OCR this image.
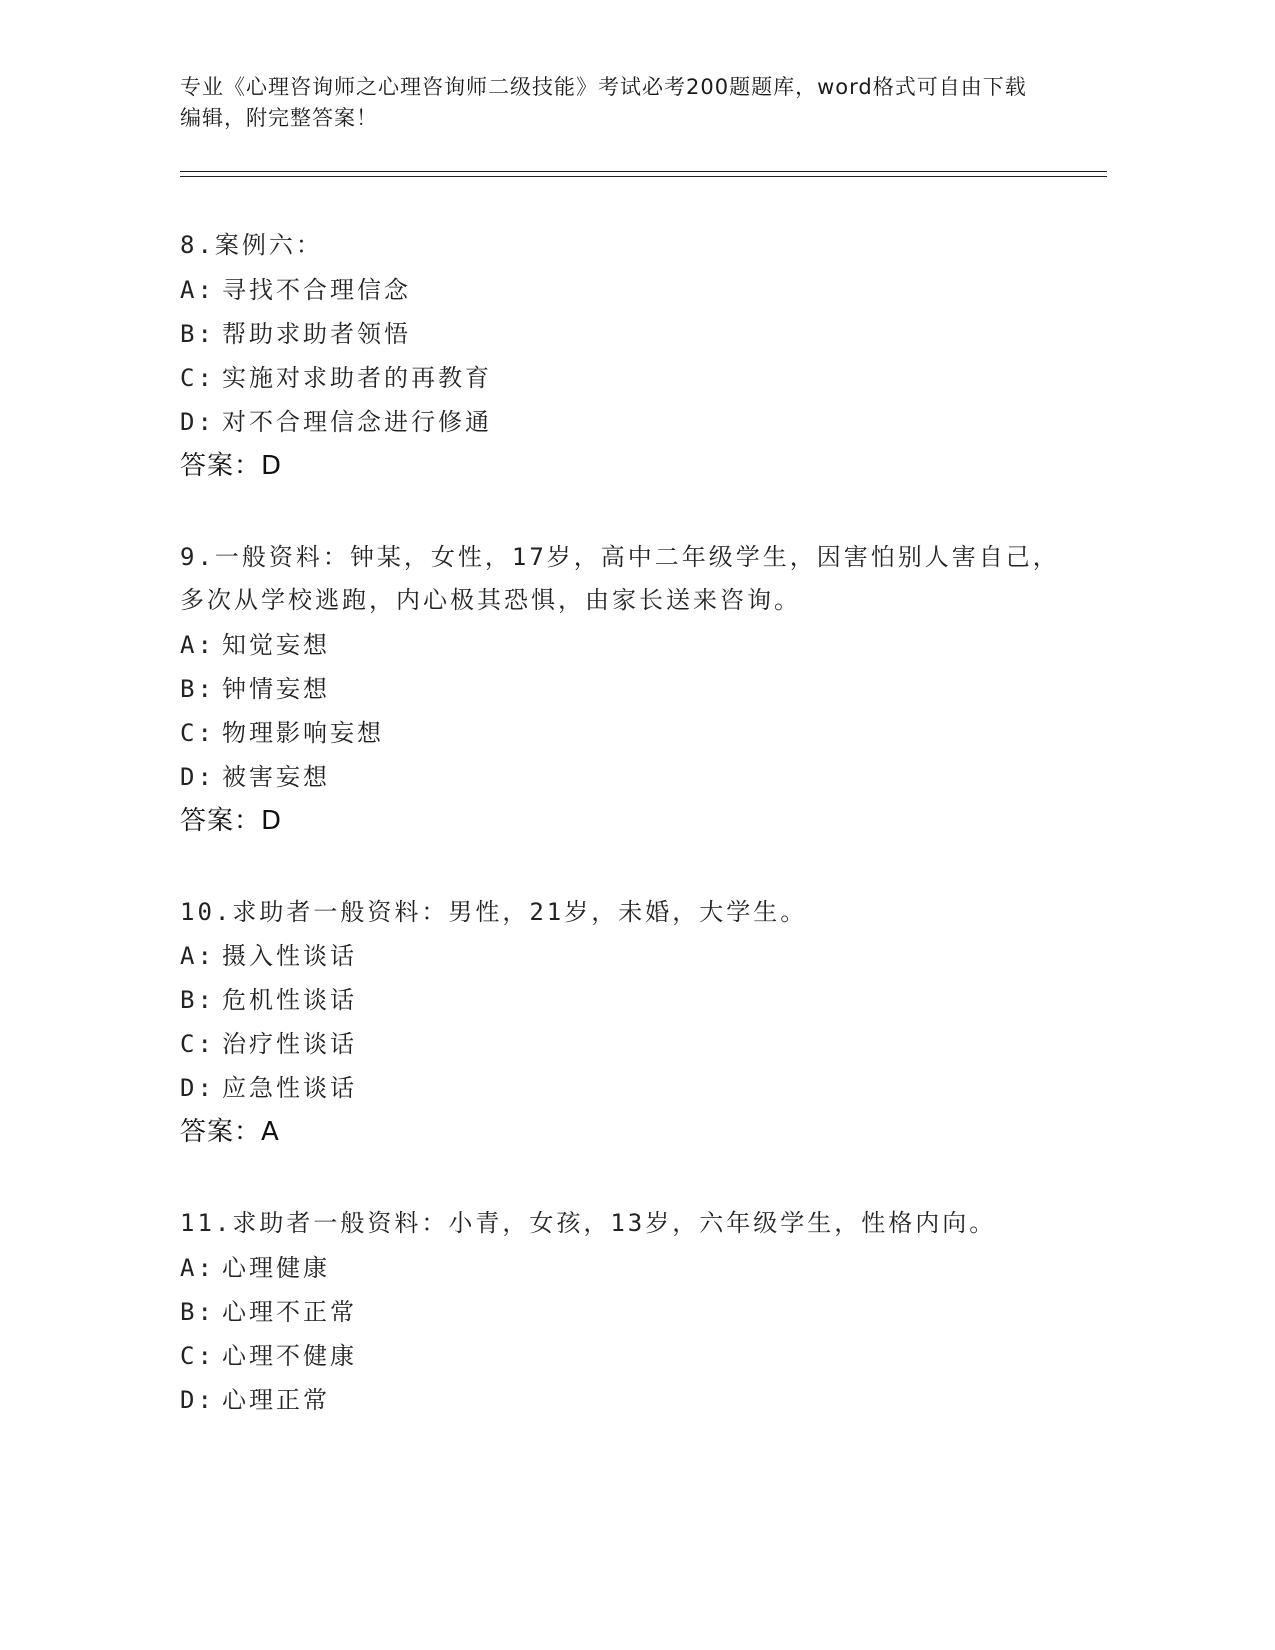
专业《心理咨询师之心理咨询师二级技能》考试必考200题题库，word格式可自由下载编辑，附完整答案！
8.案例六：
A: 寻找不合理信念
B: 帮助求助者领悟
C: 实施对求助者的再教育
D: 对不合理信念进行修通
答案：D
9.一般资料：钟某，女性，17岁，高中二年级学生，因害怕别人害自己，多次从学校逃跑，内心极其恐惧，由家长送来咨询。
A: 知觉妄想
B: 钟情妄想
C: 物理影响妄想
D: 被害妄想
答案：D
10.求助者一般资料：男性，21岁，未婚，大学生。
A: 摄入性谈话
B: 危机性谈话
C: 治疗性谈话
D: 应急性谈话
答案：A
11.求助者一般资料：小青，女孩，13岁，六年级学生，性格内向。
A: 心理健康
B: 心理不正常
C: 心理不健康
D: 心理正常
